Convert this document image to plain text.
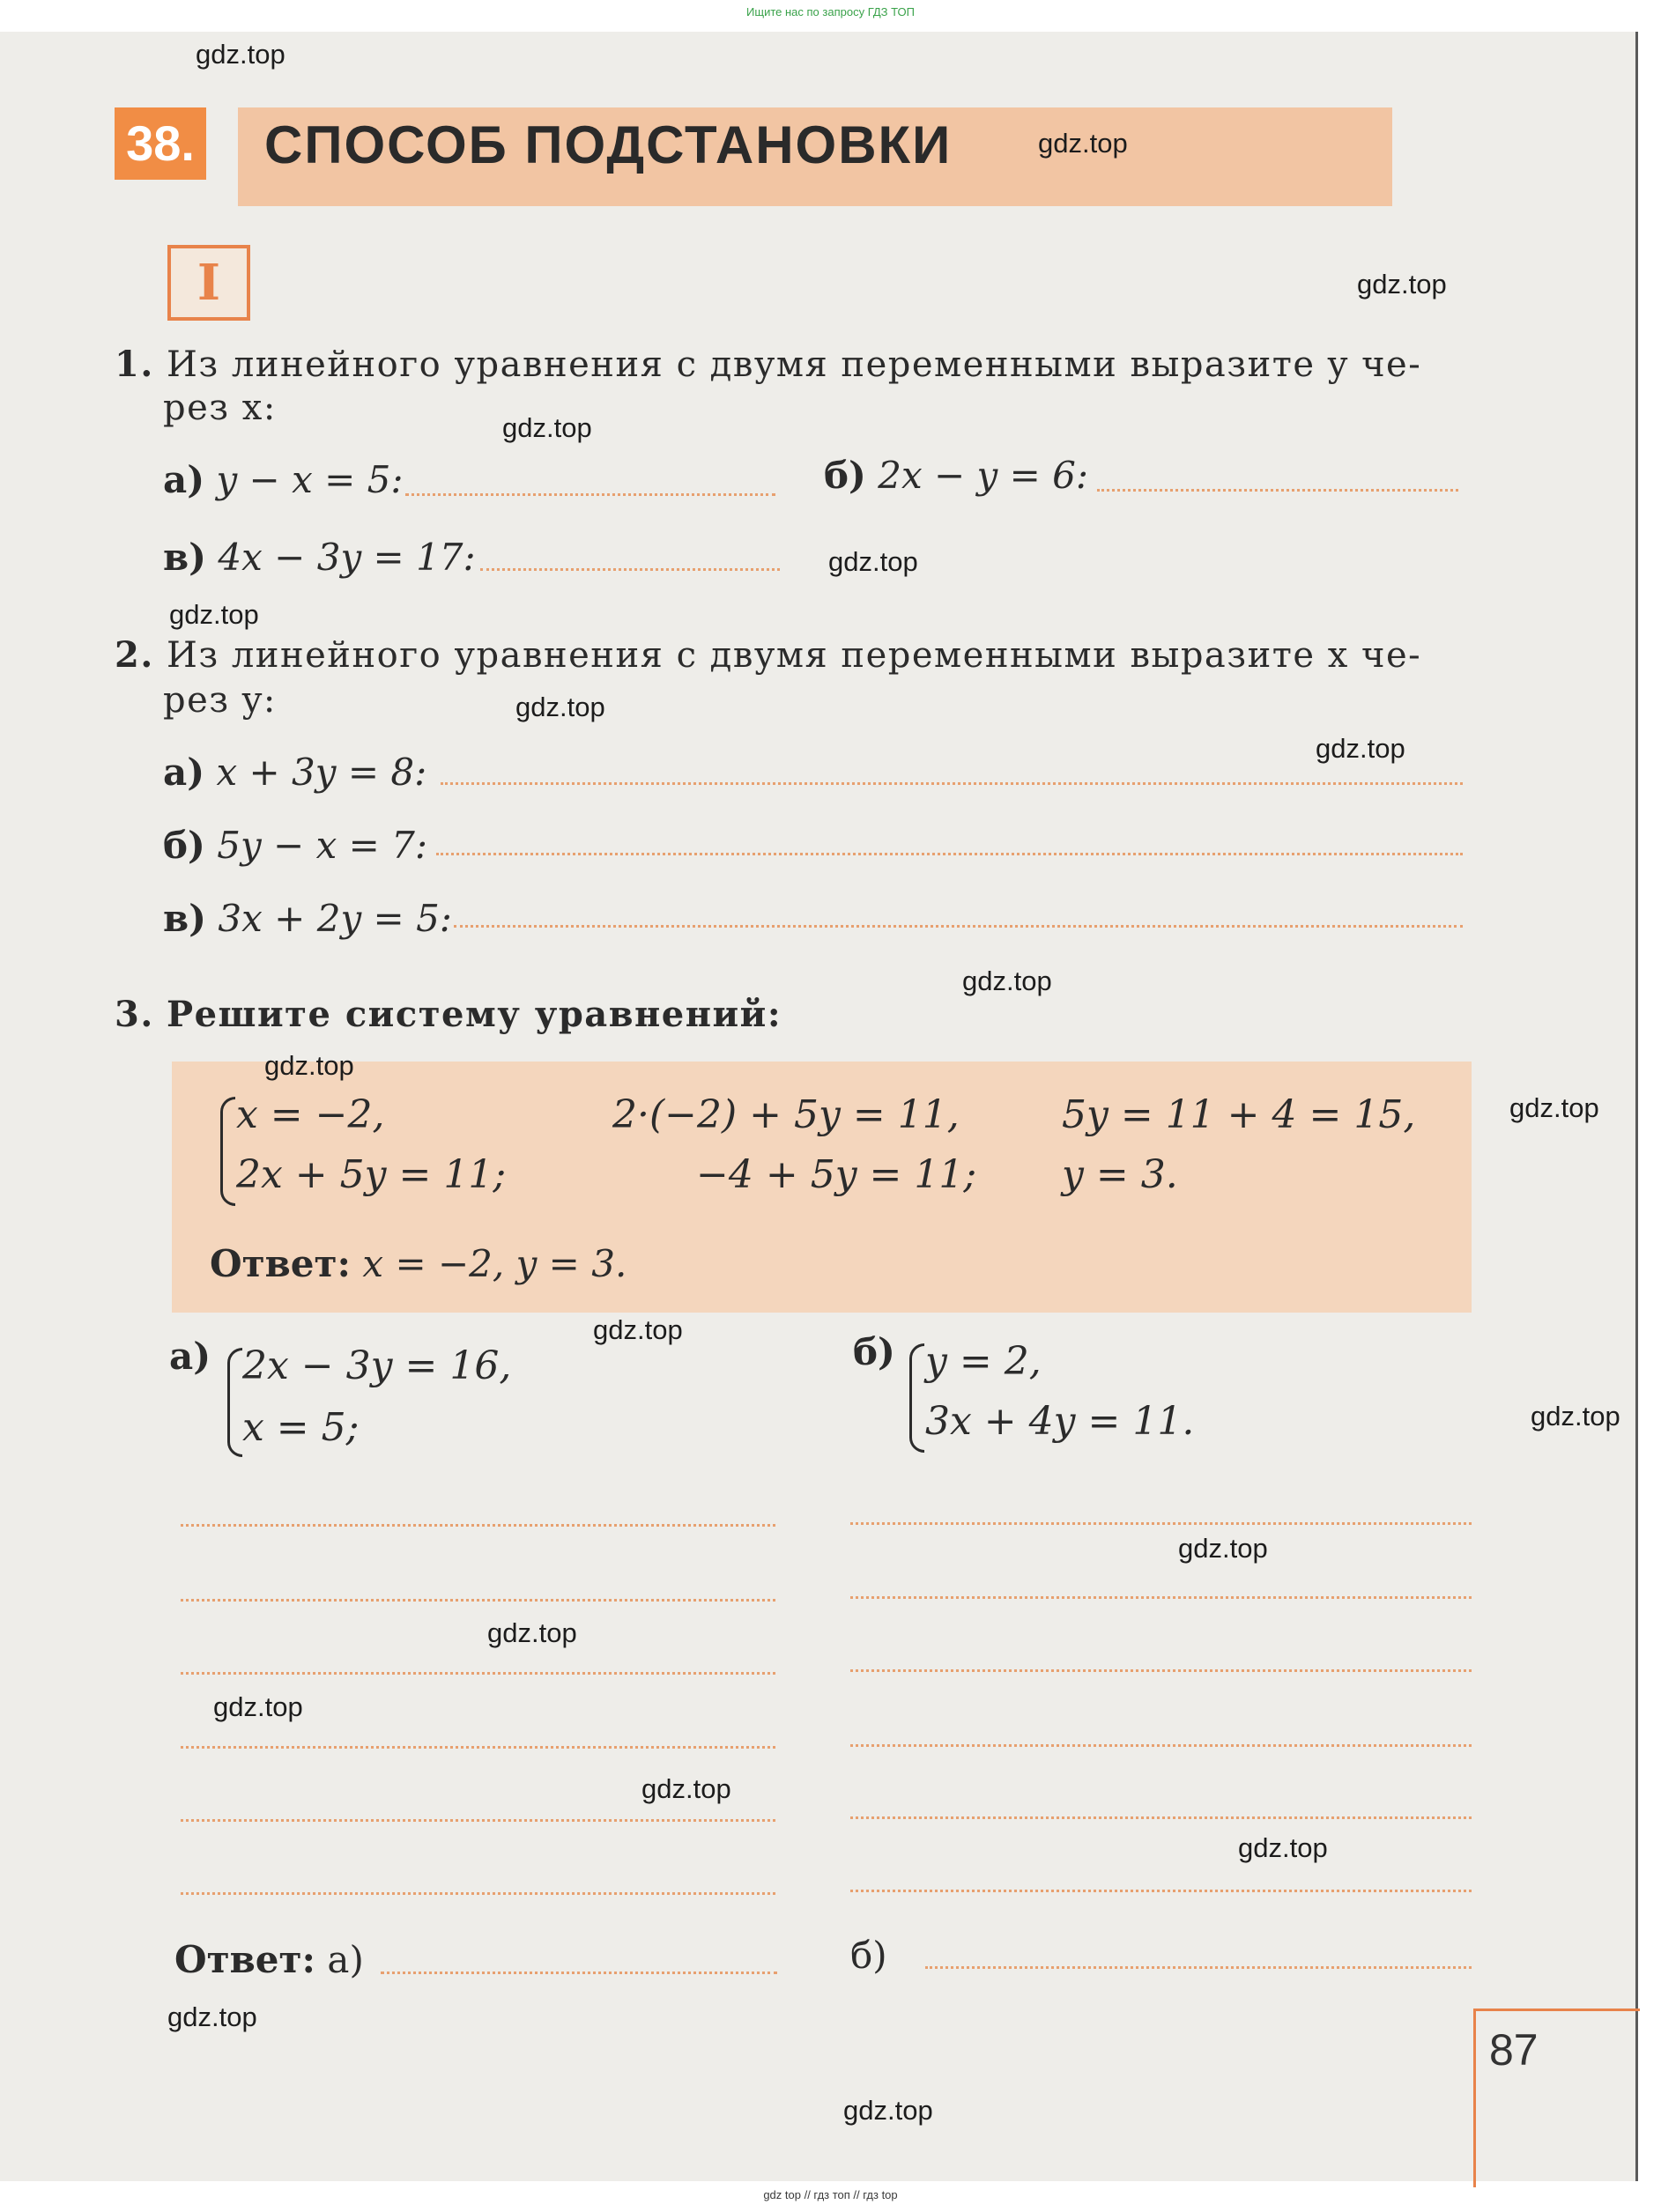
Ищите нас по запросу ГДЗ ТОП
38. СПОСОБ ПОДСТАНОВКИ
I
1. Из линейного уравнения с двумя переменными выразите y че-
рез x:
а) y − x = 5:	б) 2x − y = 6:
в) 4x − 3y = 17:
2. Из линейного уравнения с двумя переменными выразите x че-
рез y:
а) x + 3y = 8:
б) 5y − x = 7:
в) 3x + 2y = 5:
3. Решите систему уравнений:
x = −2,
2x + 5y = 11;
2·(−2) + 5y = 11,
−4 + 5y = 11;
5y = 11 + 4 = 15,
y = 3.
Ответ: x = −2, y = 3.
а) 2x − 3y = 16,
x = 5;
б) y = 2,
3x + 4y = 11.
Ответ: а)	б)
87
gdz.top
gdz.top
gdz.top
gdz.top
gdz.top
gdz.top
gdz.top
gdz.top
gdz.top
gdz.top
gdz.top
gdz.top
gdz.top
gdz.top
gdz.top
gdz.top
gdz.top
gdz.top
gdz.top
gdz.top
gdz top // гдз топ // гдз top
